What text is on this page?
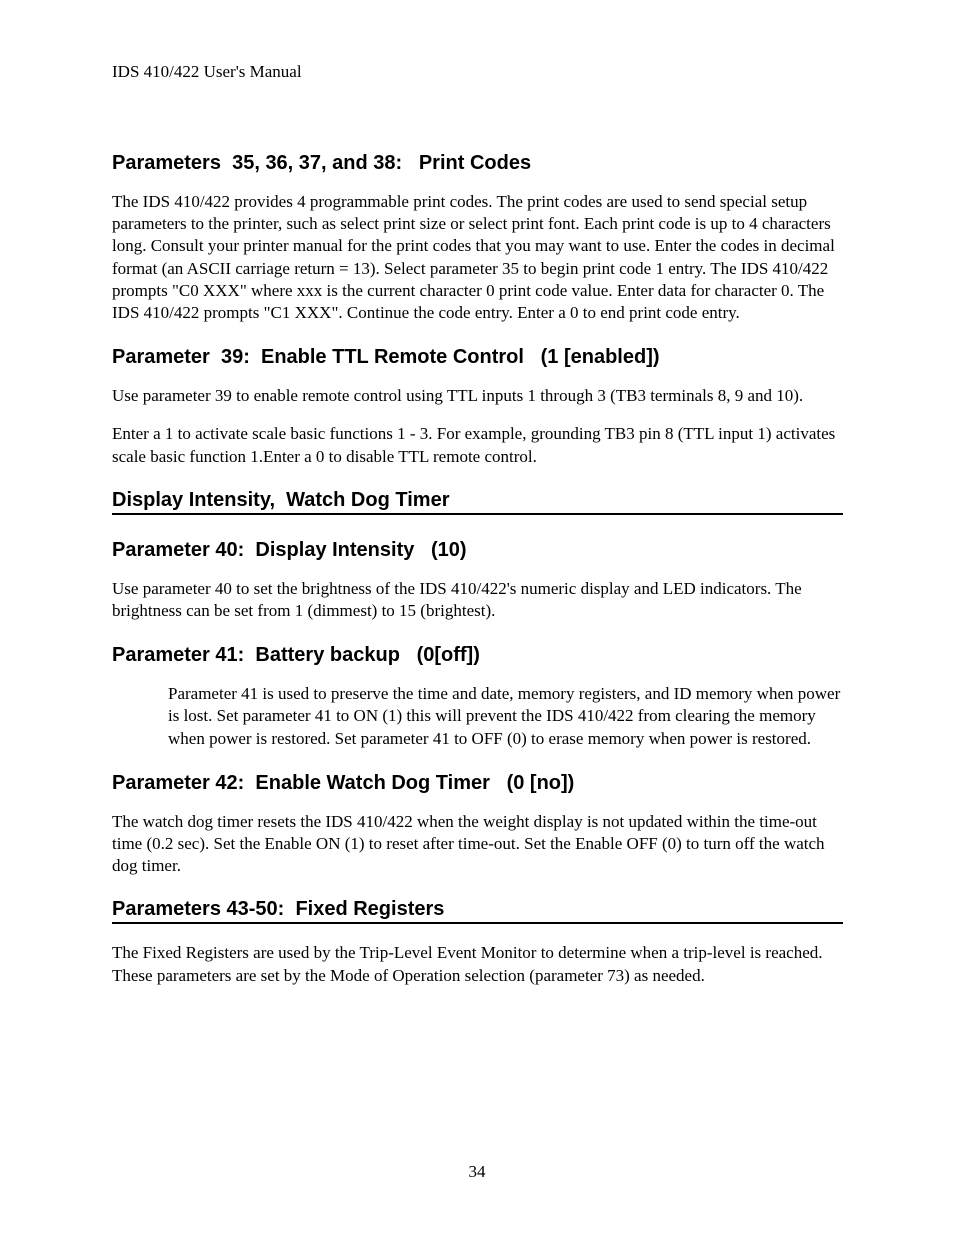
IDS 410/422 User's Manual
Parameters  35, 36, 37, and 38:   Print Codes

The IDS 410/422 provides 4 programmable print codes. The print codes are used to send special setup parameters to the printer, such as select print size or select print font. Each print code is up to 4 characters long. Consult your printer manual for the print codes that you may want to use. Enter the codes in decimal format (an ASCII carriage return = 13). Select parameter 35 to begin print code 1 entry. The IDS 410/422 prompts "C0 XXX" where xxx is the current character 0 print code value. Enter data for character 0. The IDS 410/422 prompts "C1 XXX". Continue the code entry. Enter a 0 to end print code entry.

Parameter  39:  Enable TTL Remote Control   (1 [enabled])

Use parameter 39 to enable remote control using TTL inputs 1 through 3 (TB3 terminals 8, 9 and 10).

Enter a 1 to activate scale basic functions 1 - 3. For example, grounding TB3 pin 8 (TTL input 1) activates scale basic function 1.Enter a 0 to disable TTL remote control.

Display Intensity,  Watch Dog Timer
Parameter 40:  Display Intensity   (10)

Use parameter 40 to set the brightness of the IDS 410/422's numeric display and LED indicators. The brightness can be set from 1 (dimmest) to 15 (brightest).

Parameter 41:  Battery backup   (0[off])

Parameter 41 is used to preserve the time and date, memory registers, and ID memory when power is lost. Set parameter 41 to ON (1) this will prevent the IDS 410/422 from clearing the memory when power is restored. Set parameter 41 to OFF (0) to erase memory when power is restored.

Parameter 42:  Enable Watch Dog Timer   (0 [no])

The watch dog timer resets the IDS 410/422 when the weight display is not updated within the time-out time (0.2 sec). Set the Enable ON (1) to reset after time-out. Set the Enable OFF (0) to turn off the watch dog timer.

Parameters 43-50:  Fixed Registers

The Fixed Registers are used by the Trip-Level Event Monitor to determine when a trip-level is reached. These parameters are set by the Mode of Operation selection (parameter 73) as needed.

34
